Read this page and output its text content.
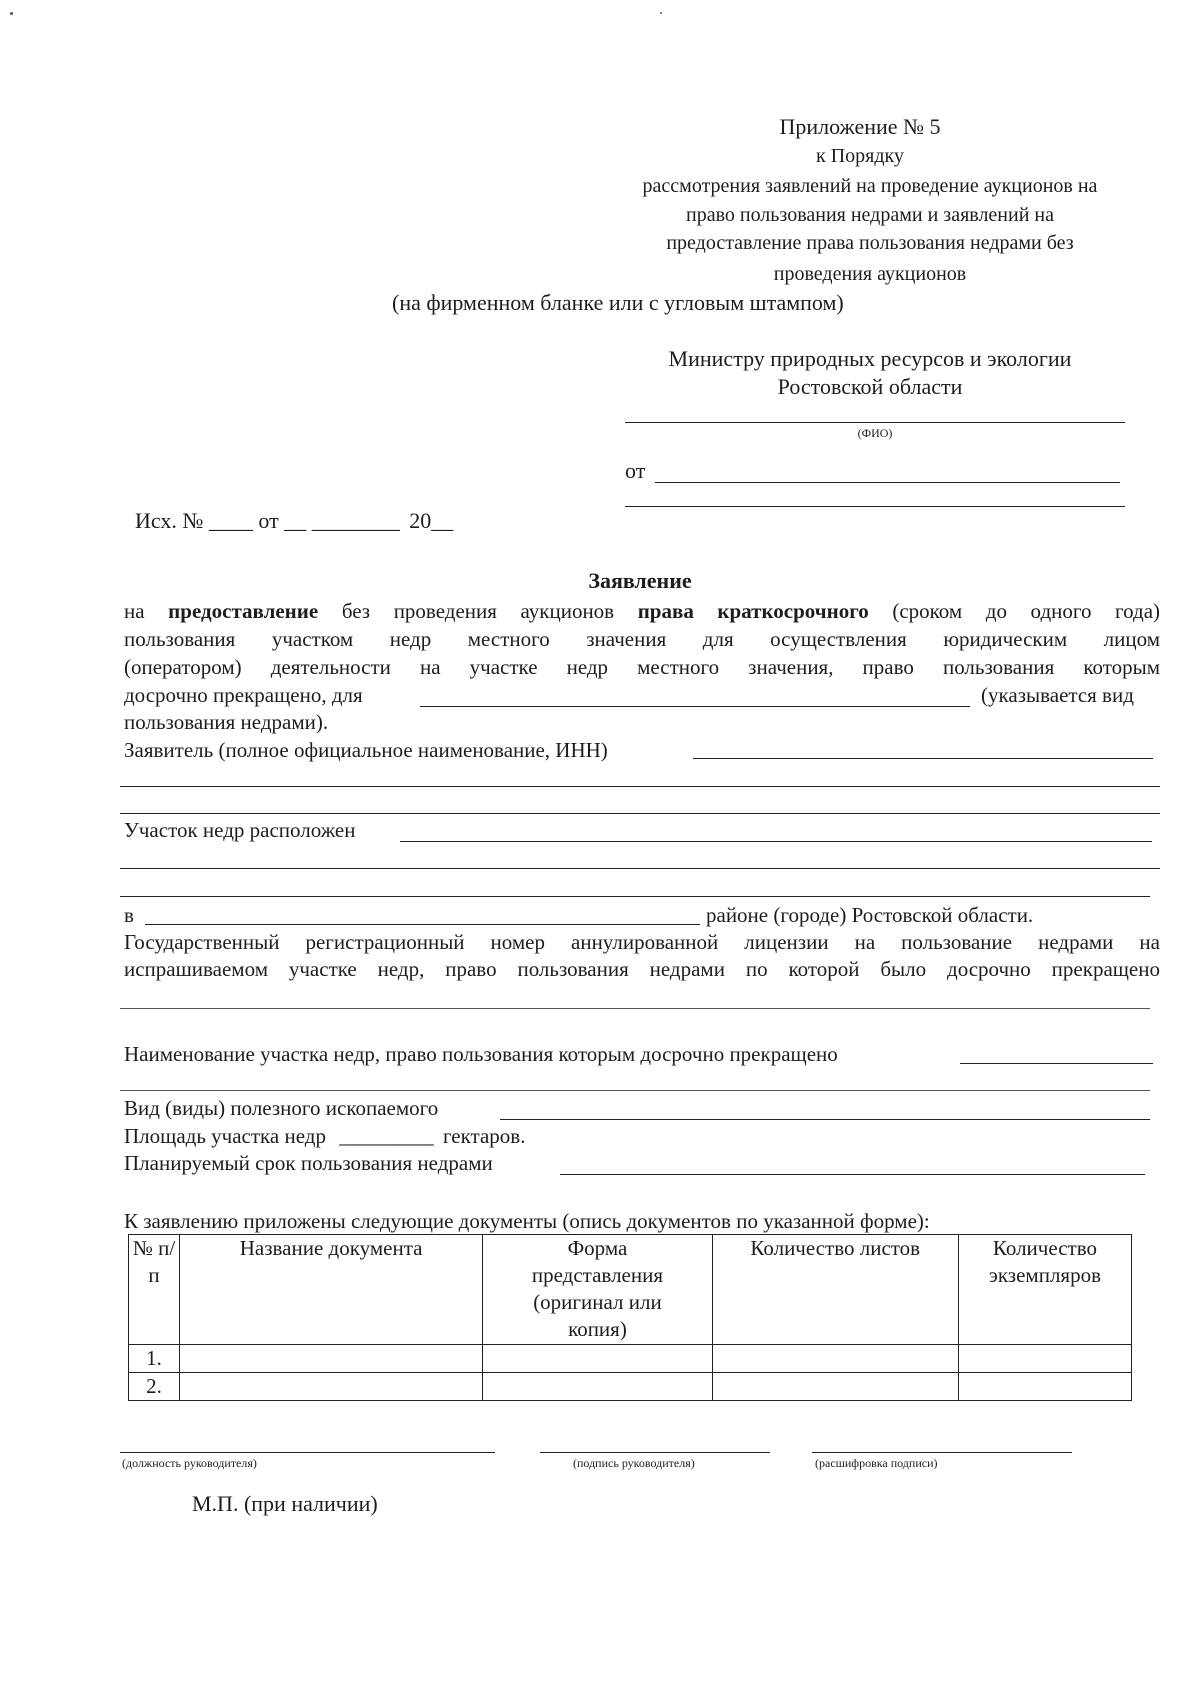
Приложение № 5
к Порядку
рассмотрения заявлений на проведение аукционов на
право пользования недрами и заявлений на
предоставление права пользования недрами без
проведения аукционов
(на фирменном бланке или с угловым штампом)
Министру природных ресурсов и экологии
Ростовской области
(ФИО)
от
Исх. № ____ от __ ________ 20__
Заявление
на предоставление без проведения аукционов права краткосрочного (сроком до одного года)
пользования участком недр местного значения для осуществления юридическим лицом
(оператором) деятельности на участке недр местного значения, право пользования которым
досрочно прекращено, для	(указывается вид
пользования недрами).
Заявитель (полное официальное наименование, ИНН)
Участок недр расположен
в	районе (городе) Ростовской области.
Государственный регистрационный номер аннулированной лицензии на пользование недрами на
испрашиваемом участке недр, право пользования недрами по которой было досрочно прекращено
Наименование участка недр, право пользования которым досрочно прекращено
Вид (виды) полезного ископаемого
Площадь участка недр _________ гектаров.
Планируемый срок пользования недрами
К заявлению приложены следующие документы (опись документов по указанной форме):
№ п/п	Название документа	Форма представления (оригинал или копия)	Количество листов	Количество экземпляров
1.				
2.				
(должность руководителя)	(подпись руководителя)	(расшифровка подписи)
М.П. (при наличии)
